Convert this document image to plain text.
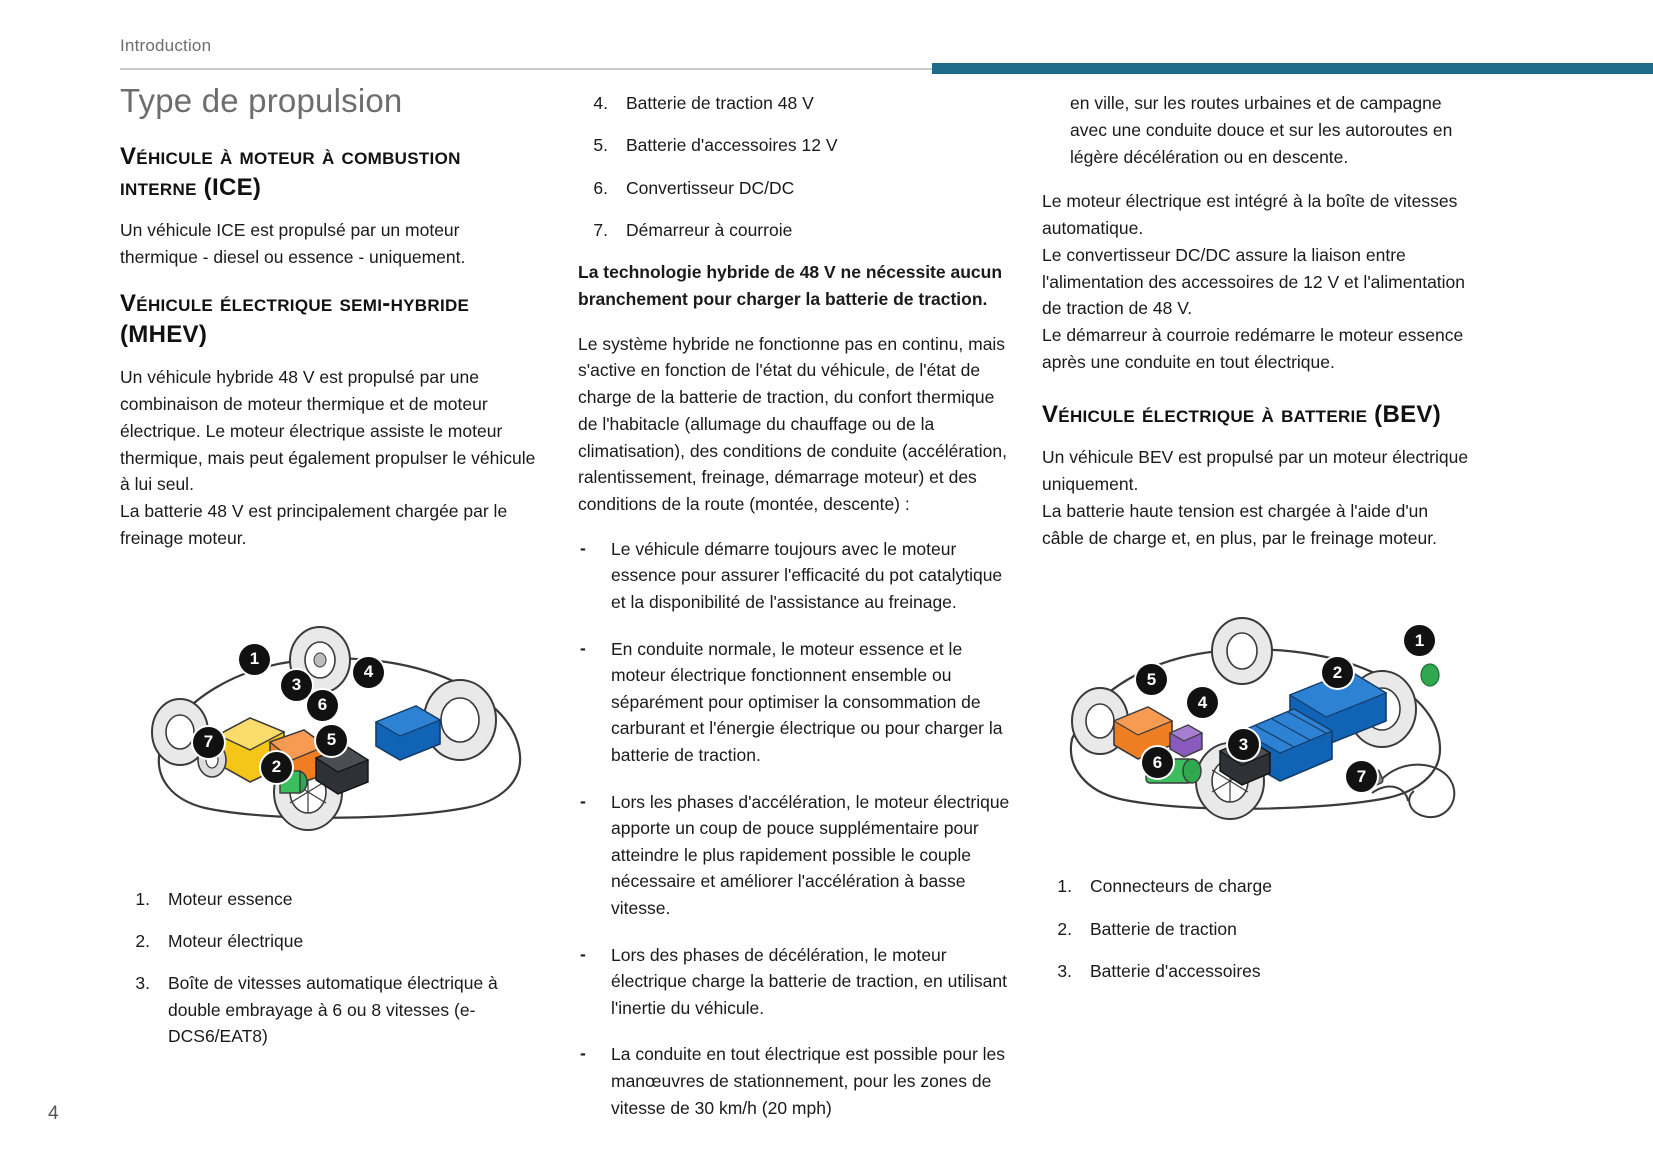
Introduction
Type de propulsion
Véhicule à moteur à combustion interne (ICE)

Un véhicule ICE est propulsé par un moteur thermique - diesel ou essence - uniquement.

Véhicule électrique semi-hybride (MHEV)

Un véhicule hybride 48 V est propulsé par une combinaison de moteur thermique et de moteur électrique. Le moteur électrique assiste le moteur thermique, mais peut également propulser le véhicule à lui seul.

La batterie 48 V est principalement chargée par le freinage moteur.

1
3
4
6
7	5
2
1. Moteur essence
2. Moteur électrique
3. Boîte de vitesses automatique électrique à double embrayage à 6 ou 8 vitesses (e-DCS6/EAT8)
4. Batterie de traction 48 V
5. Batterie d'accessoires 12 V
6. Convertisseur DC/DC
7. Démarreur à courroie

La technologie hybride de 48 V ne nécessite aucun branchement pour charger la batterie de traction.

Le système hybride ne fonctionne pas en continu, mais s'active en fonction de l'état du véhicule, de l'état de charge de la batterie de traction, du confort thermique de l'habitacle (allumage du chauffage ou de la climatisation), des conditions de conduite (accélération, ralentissement, freinage, démarrage moteur) et des conditions de la route (montée, descente) :

- Le véhicule démarre toujours avec le moteur essence pour assurer l'efficacité du pot catalytique et la disponibilité de l'assistance au freinage.
- En conduite normale, le moteur essence et le moteur électrique fonctionnent ensemble ou séparément pour optimiser la consommation de carburant et l'énergie électrique ou pour charger la batterie de traction.
- Lors les phases d'accélération, le moteur électrique apporte un coup de pouce supplémentaire pour atteindre le plus rapidement possible le couple nécessaire et améliorer l'accélération à basse vitesse.
- Lors des phases de décélération, le moteur électrique charge la batterie de traction, en utilisant l'inertie du véhicule.
- La conduite en tout électrique est possible pour les manœuvres de stationnement, pour les zones de vitesse de 30 km/h (20 mph)

en ville, sur les routes urbaines et de campagne avec une conduite douce et sur les autoroutes en légère décélération ou en descente.

Le moteur électrique est intégré à la boîte de vitesses automatique.

Le convertisseur DC/DC assure la liaison entre l'alimentation des accessoires de 12 V et l'alimentation de traction de 48 V.

Le démarreur à courroie redémarre le moteur essence après une conduite en tout électrique.

Véhicule électrique à batterie (BEV)

Un véhicule BEV est propulsé par un moteur électrique uniquement.

La batterie haute tension est chargée à l'aide d'un câble de charge et, en plus, par le freinage moteur.

1
2
5
4
3
6
7
1. Connecteurs de charge
2. Batterie de traction
3. Batterie d'accessoires
4
